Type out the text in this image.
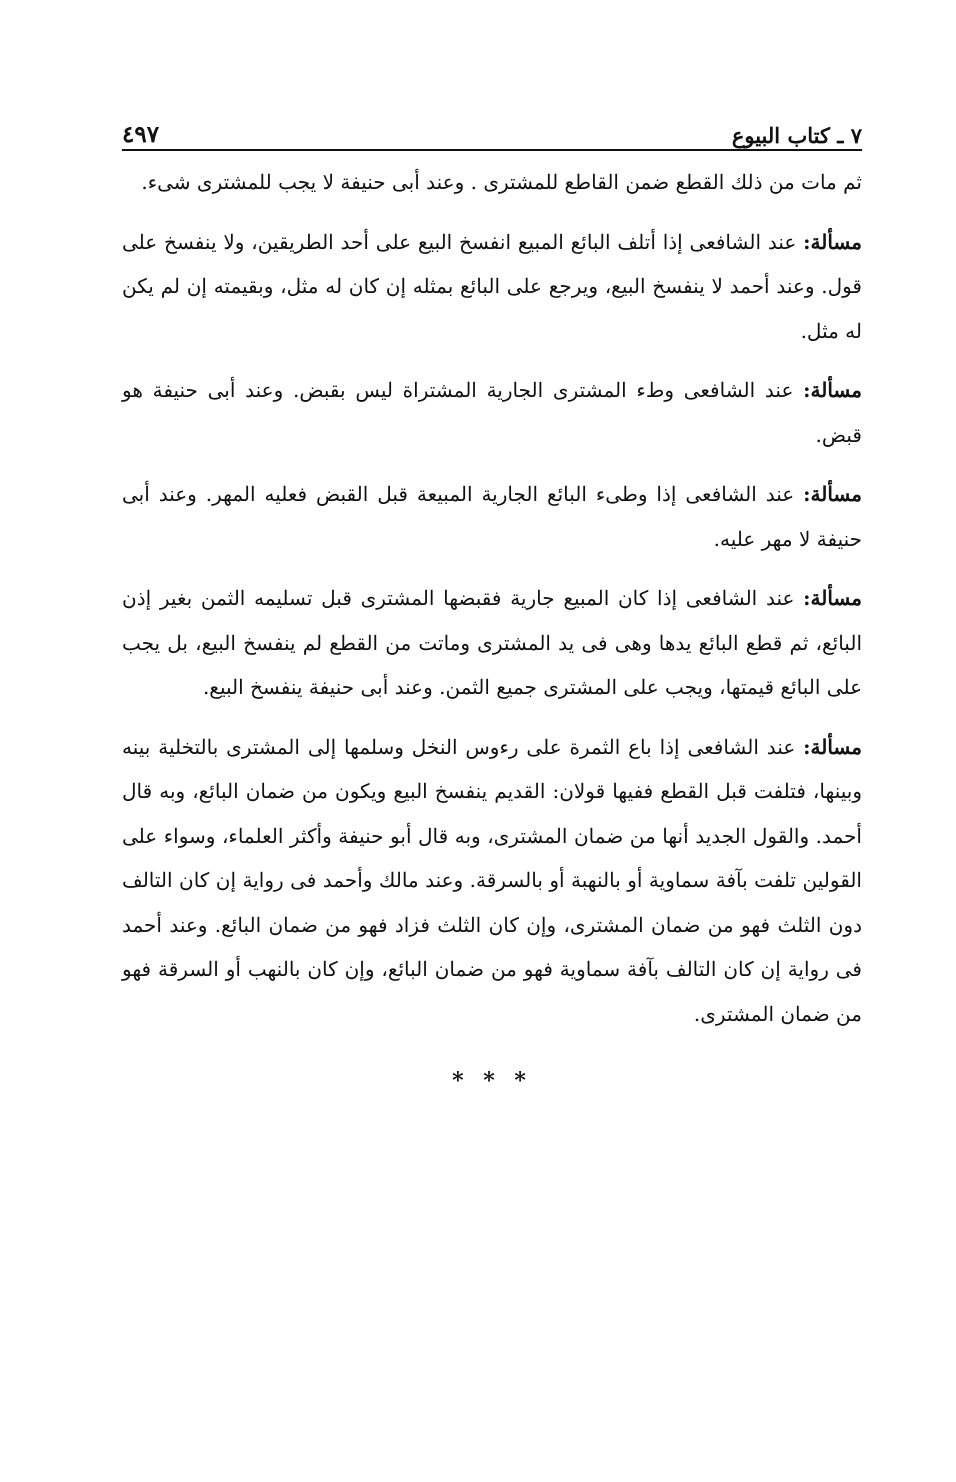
٧ ـ كتاب البيوع
٤٩٧

ثم مات من ذلك القطع ضمن القاطع للمشترى . وعند أبى حنيفة لا يجب للمشترى شىء.

مسألة: عند الشافعى إذا أتلف البائع المبيع انفسخ البيع على أحد الطريقين، ولا ينفسخ على قول. وعند أحمد لا ينفسخ البيع، ويرجع على البائع بمثله إن كان له مثل، وبقيمته إن لم يكن له مثل.

مسألة: عند الشافعى وطء المشترى الجارية المشتراة ليس بقبض. وعند أبى حنيفة هو قبض.

مسألة: عند الشافعى إذا وطىء البائع الجارية المبيعة قبل القبض فعليه المهر. وعند أبى حنيفة لا مهر عليه.

مسألة: عند الشافعى إذا كان المبيع جارية فقبضها المشترى قبل تسليمه الثمن بغير إذن البائع، ثم قطع البائع يدها وهى فى يد المشترى وماتت من القطع لم ينفسخ البيع، بل يجب على البائع قيمتها، ويجب على المشترى جميع الثمن. وعند أبى حنيفة ينفسخ البيع.

مسألة: عند الشافعى إذا باع الثمرة على رءوس النخل وسلمها إلى المشترى بالتخلية بينه وبينها، فتلفت قبل القطع ففيها قولان: القديم ينفسخ البيع ويكون من ضمان البائع، وبه قال أحمد. والقول الجديد أنها من ضمان المشترى، وبه قال أبو حنيفة وأكثر العلماء، وسواء على القولين تلفت بآفة سماوية أو بالنهبة أو بالسرقة. وعند مالك وأحمد فى رواية إن كان التالف دون الثلث فهو من ضمان المشترى، وإن كان الثلث فزاد فهو من ضمان البائع. وعند أحمد فى رواية إن كان التالف بآفة سماوية فهو من ضمان البائع، وإن كان بالنهب أو السرقة فهو من ضمان المشترى.

* * *
